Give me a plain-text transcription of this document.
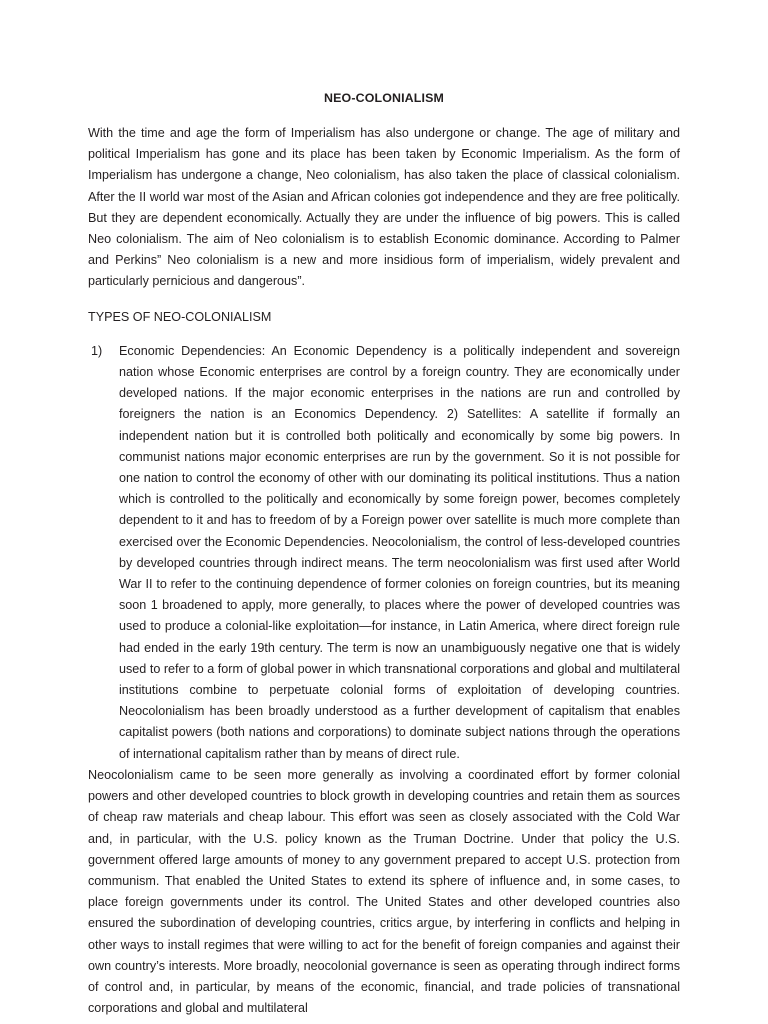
NEO-COLONIALISM

With the time and age the form of Imperialism has also undergone or change. The age of military and political Imperialism has gone and its place has been taken by Economic Imperialism. As the form of Imperialism has undergone a change, Neo colonialism, has also taken the place of classical colonialism. After the II world war most of the Asian and African colonies got independence and they are free politically. But they are dependent economically. Actually they are under the influence of big powers. This is called Neo colonialism. The aim of Neo colonialism is to establish Economic dominance. According to Palmer and Perkins” Neo colonialism is a new and more insidious form of imperialism, widely prevalent and particularly pernicious and dangerous”.

TYPES OF NEO-COLONIALISM

1) Economic Dependencies: An Economic Dependency is a politically independent and sovereign nation whose Economic enterprises are control by a foreign country. They are economically under developed nations. If the major economic enterprises in the nations are run and controlled by foreigners the nation is an Economics Dependency. 2) Satellites: A satellite if formally an independent nation but it is controlled both politically and economically by some big powers. In communist nations major economic enterprises are run by the government. So it is not possible for one nation to control the economy of other with our dominating its political institutions. Thus a nation which is controlled to the politically and economically by some foreign power, becomes completely dependent to it and has to freedom of by a Foreign power over satellite is much more complete than exercised over the Economic Dependencies. Neocolonialism, the control of less-developed countries by developed countries through indirect means. The term neocolonialism was first used after World War II to refer to the continuing dependence of former colonies on foreign countries, but its meaning soon 1 broadened to apply, more generally, to places where the power of developed countries was used to produce a colonial-like exploitation—for instance, in Latin America, where direct foreign rule had ended in the early 19th century. The term is now an unambiguously negative one that is widely used to refer to a form of global power in which transnational corporations and global and multilateral institutions combine to perpetuate colonial forms of exploitation of developing countries. Neocolonialism has been broadly understood as a further development of capitalism that enables capitalist powers (both nations and corporations) to dominate subject nations through the operations of international capitalism rather than by means of direct rule.

Neocolonialism came to be seen more generally as involving a coordinated effort by former colonial powers and other developed countries to block growth in developing countries and retain them as sources of cheap raw materials and cheap labour. This effort was seen as closely associated with the Cold War and, in particular, with the U.S. policy known as the Truman Doctrine. Under that policy the U.S. government offered large amounts of money to any government prepared to accept U.S. protection from communism. That enabled the United States to extend its sphere of influence and, in some cases, to place foreign governments under its control. The United States and other developed countries also ensured the subordination of developing countries, critics argue, by interfering in conflicts and helping in other ways to install regimes that were willing to act for the benefit of foreign companies and against their own country’s interests. More broadly, neocolonial governance is seen as operating through indirect forms of control and, in particular, by means of the economic, financial, and trade policies of transnational corporations and global and multilateral
